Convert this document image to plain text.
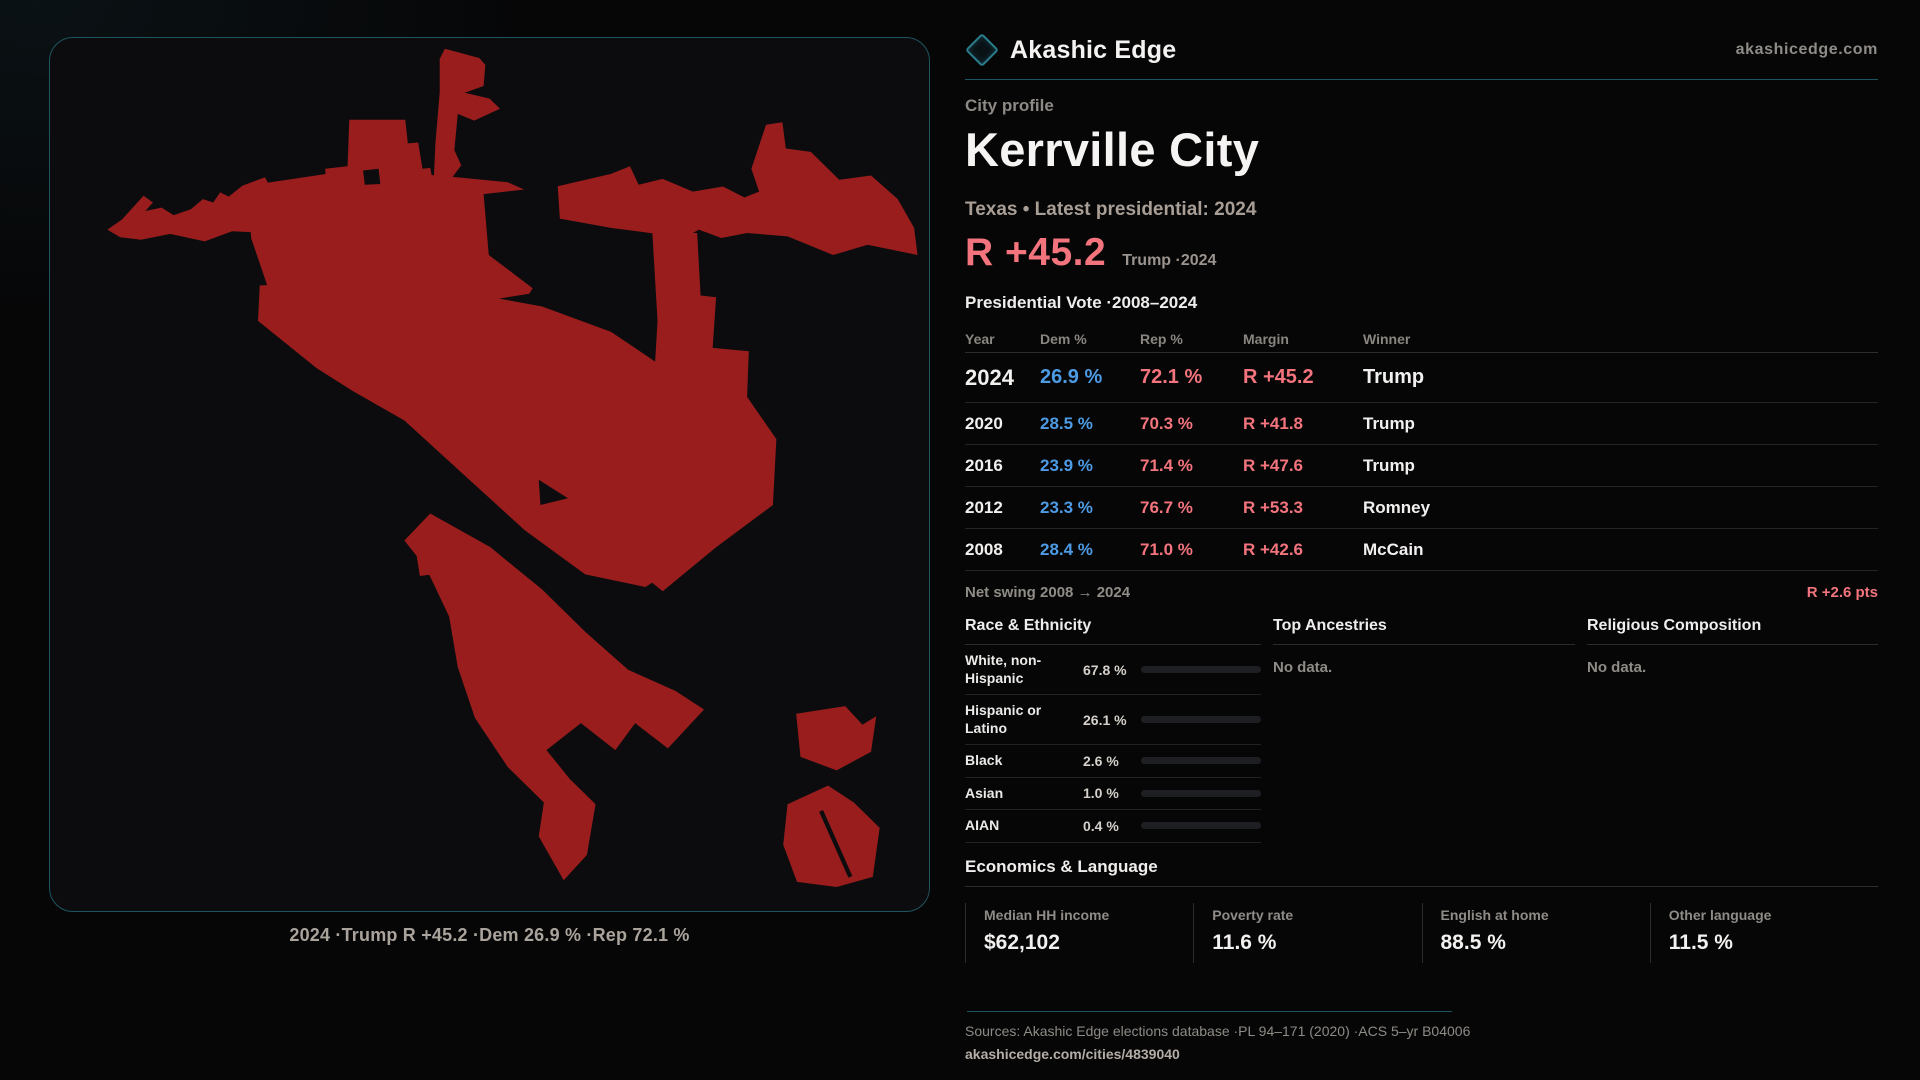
2024 ·Trump R +45.2 ·Dem 26.9 % ·Rep 72.1 %
Akashic Edge	akashicedge.com
City profile
Kerrville City
Texas • Latest presidential: 2024
R +45.2 Trump ·2024
Presidential Vote ·2008–2024
Year	Dem %	Rep %	Margin	Winner
2024	26.9 %	72.1 %	R +45.2	Trump
2020	28.5 %	70.3 %	R +41.8	Trump
2016	23.9 %	71.4 %	R +47.6	Trump
2012	23.3 %	76.7 %	R +53.3	Romney
2008	28.4 %	71.0 %	R +42.6	McCain
Net swing 2008 → 2024	R +2.6 pts
Race & Ethnicity
White, non-Hispanic	67.8 %
Hispanic or Latino	26.1 %
Black	2.6 %
Asian	1.0 %
AIAN	0.4 %
Top Ancestries
No data.
Religious Composition
No data.
Economics & Language
Median HH income
$62,102
Poverty rate
11.6 %
English at home
88.5 %
Other language
11.5 %
Sources: Akashic Edge elections database ·PL 94–171 (2020) ·ACS 5–yr B04006
akashicedge.com/cities/4839040
